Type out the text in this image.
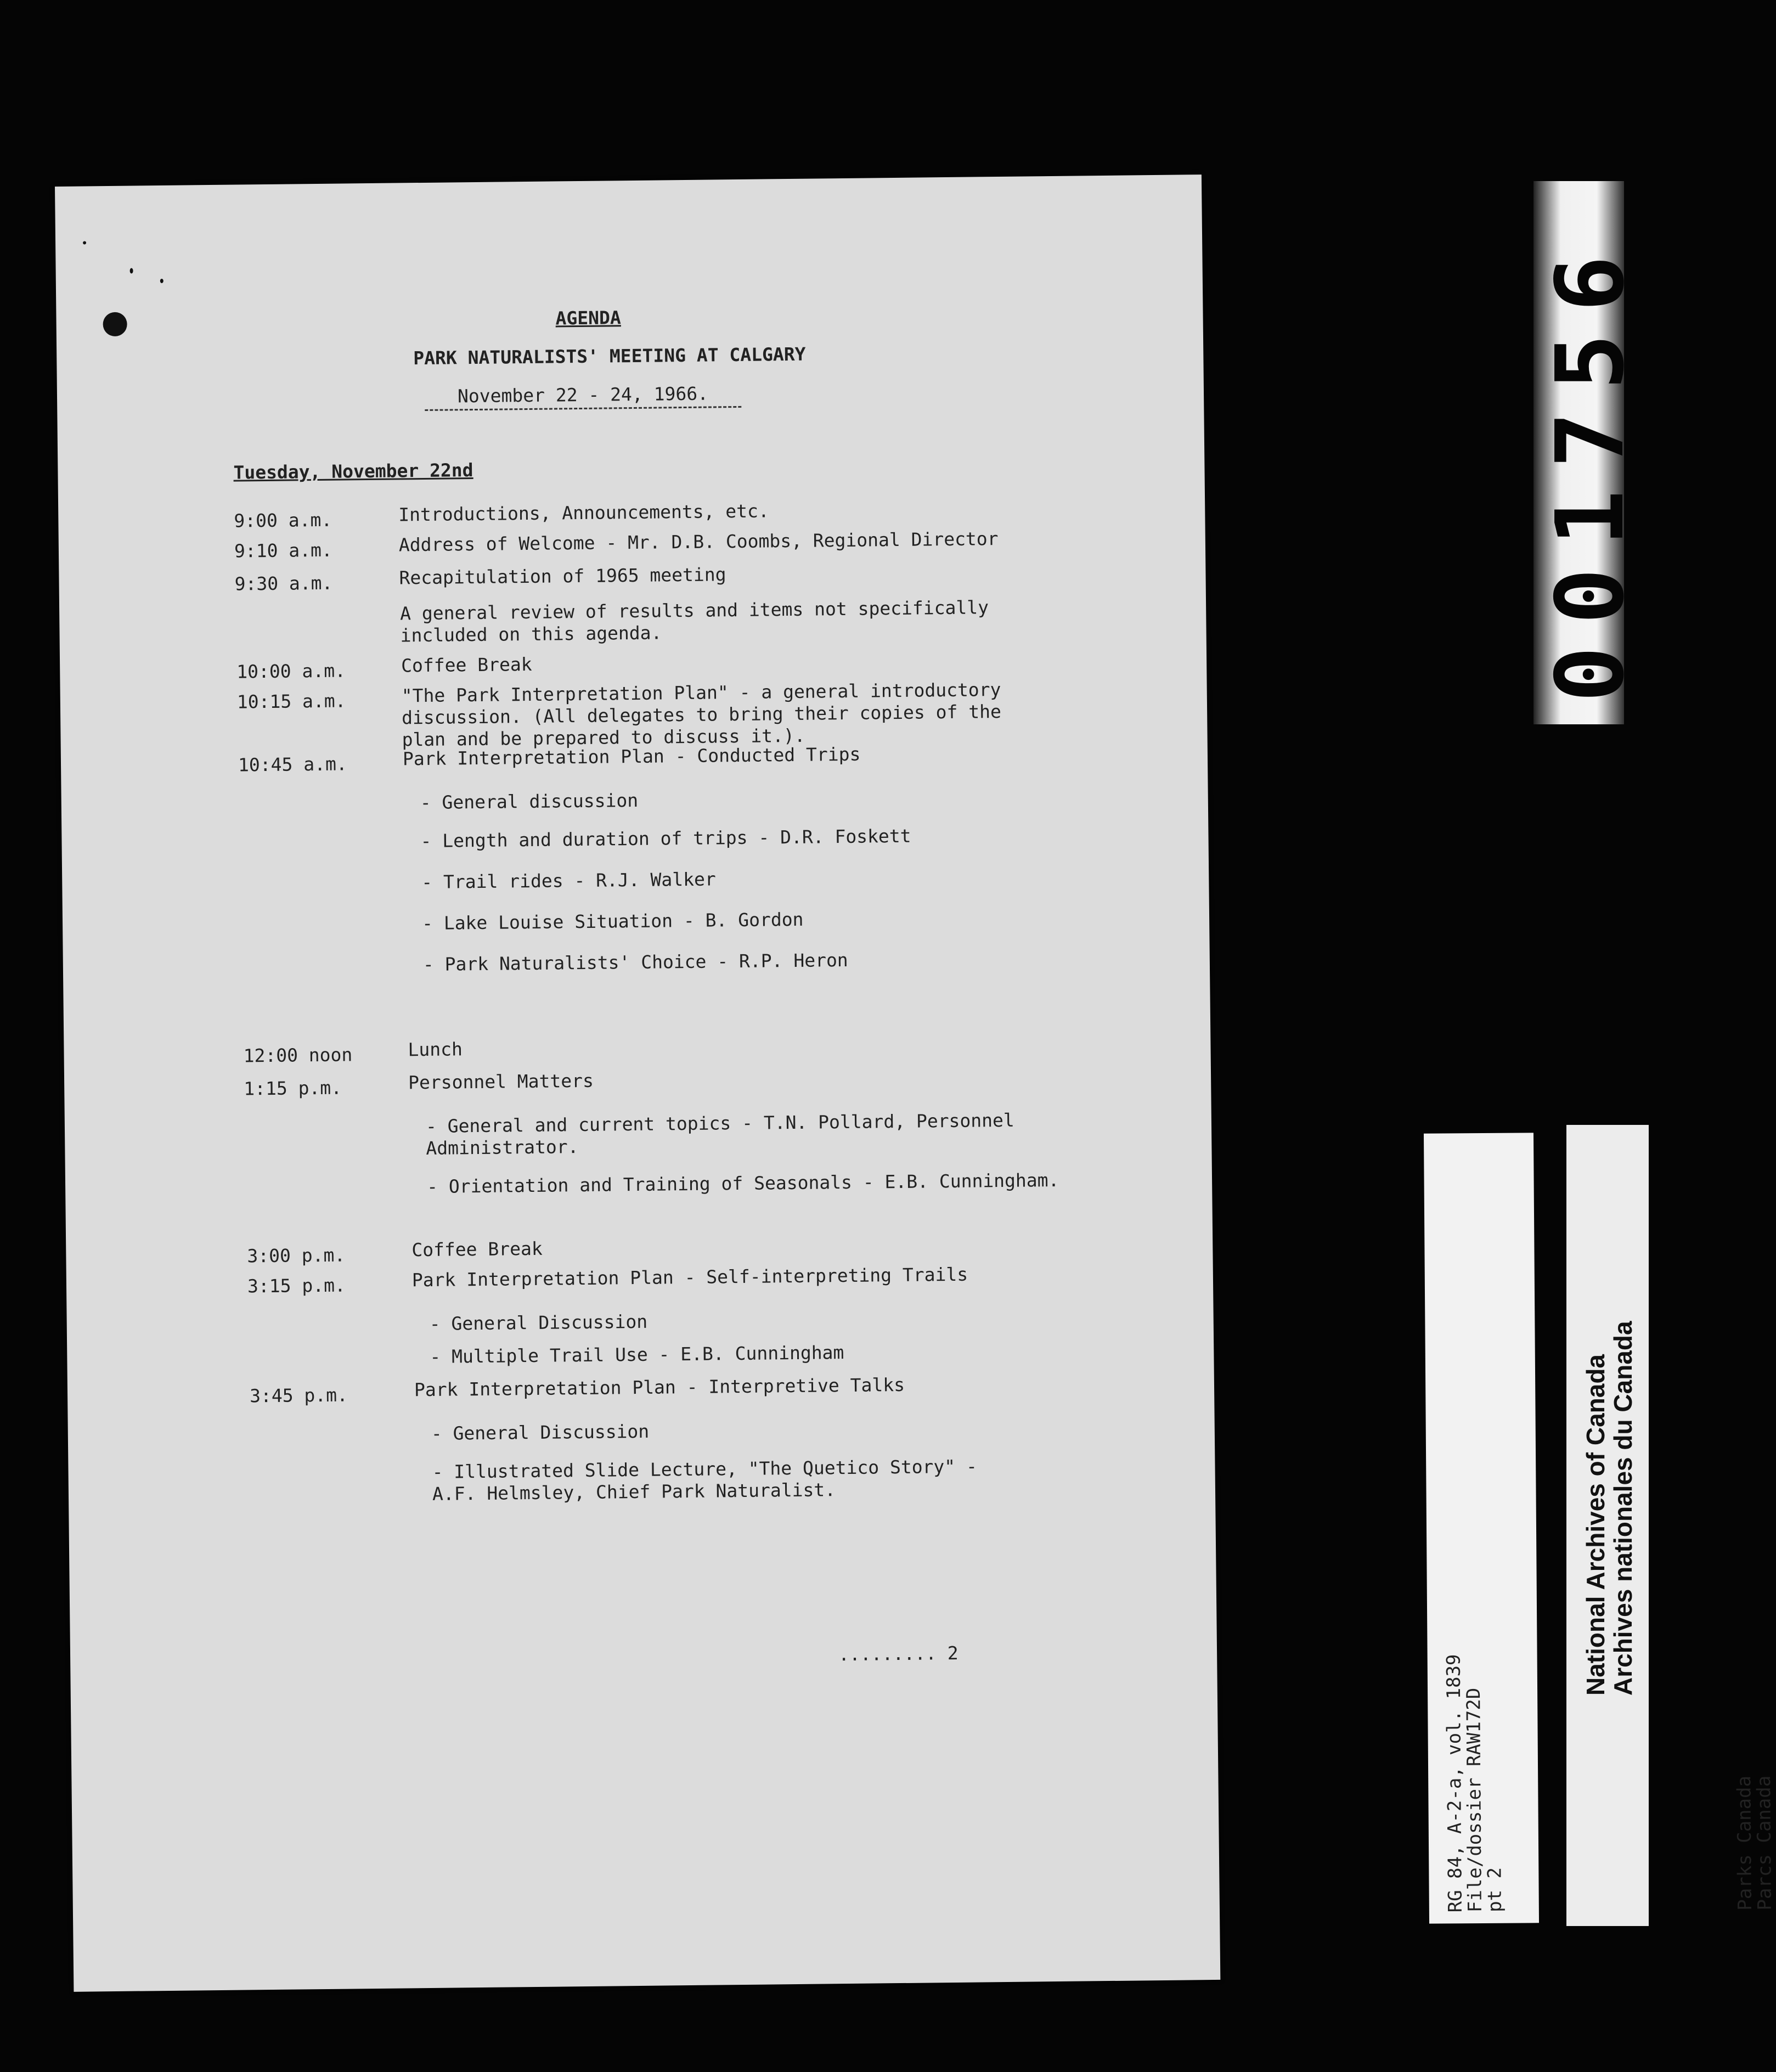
AGENDA
PARK NATURALISTS' MEETING AT CALGARY
November 22 - 24, 1966.
Tuesday, November 22nd
9:00 a.m.	Introductions, Announcements, etc.
9:10 a.m.	Address of Welcome - Mr. D.B. Coombs, Regional Director
9:30 a.m.	Recapitulation of 1965 meeting
A general review of results and items not specifically
included on this agenda.
10:00 a.m.	Coffee Break
10:15 a.m.	"The Park Interpretation Plan" - a general introductory
discussion. (All delegates to bring their copies of the
plan and be prepared to discuss it.).
10:45 a.m.	Park Interpretation Plan - Conducted Trips
- General discussion
- Length and duration of trips - D.R. Foskett
- Trail rides - R.J. Walker
- Lake Louise Situation - B. Gordon
- Park Naturalists' Choice - R.P. Heron
12:00 noon	Lunch
1:15 p.m.	Personnel Matters
- General and current topics - T.N. Pollard, Personnel
Administrator.
- Orientation and Training of Seasonals - E.B. Cunningham.
3:00 p.m.	Coffee Break
3:15 p.m.	Park Interpretation Plan - Self-interpreting Trails
- General Discussion
- Multiple Trail Use - E.B. Cunningham
3:45 p.m.	Park Interpretation Plan - Interpretive Talks
- General Discussion
- Illustrated Slide Lecture, "The Quetico Story" -
A.F. Helmsley, Chief Park Naturalist.
......... 2
001756
RG 84, A-2-a, vol. 1839
File/dossier RAW172D
pt 2	Parks Canada
Parcs Canada
National Archives of Canada
Archives nationales du Canada
